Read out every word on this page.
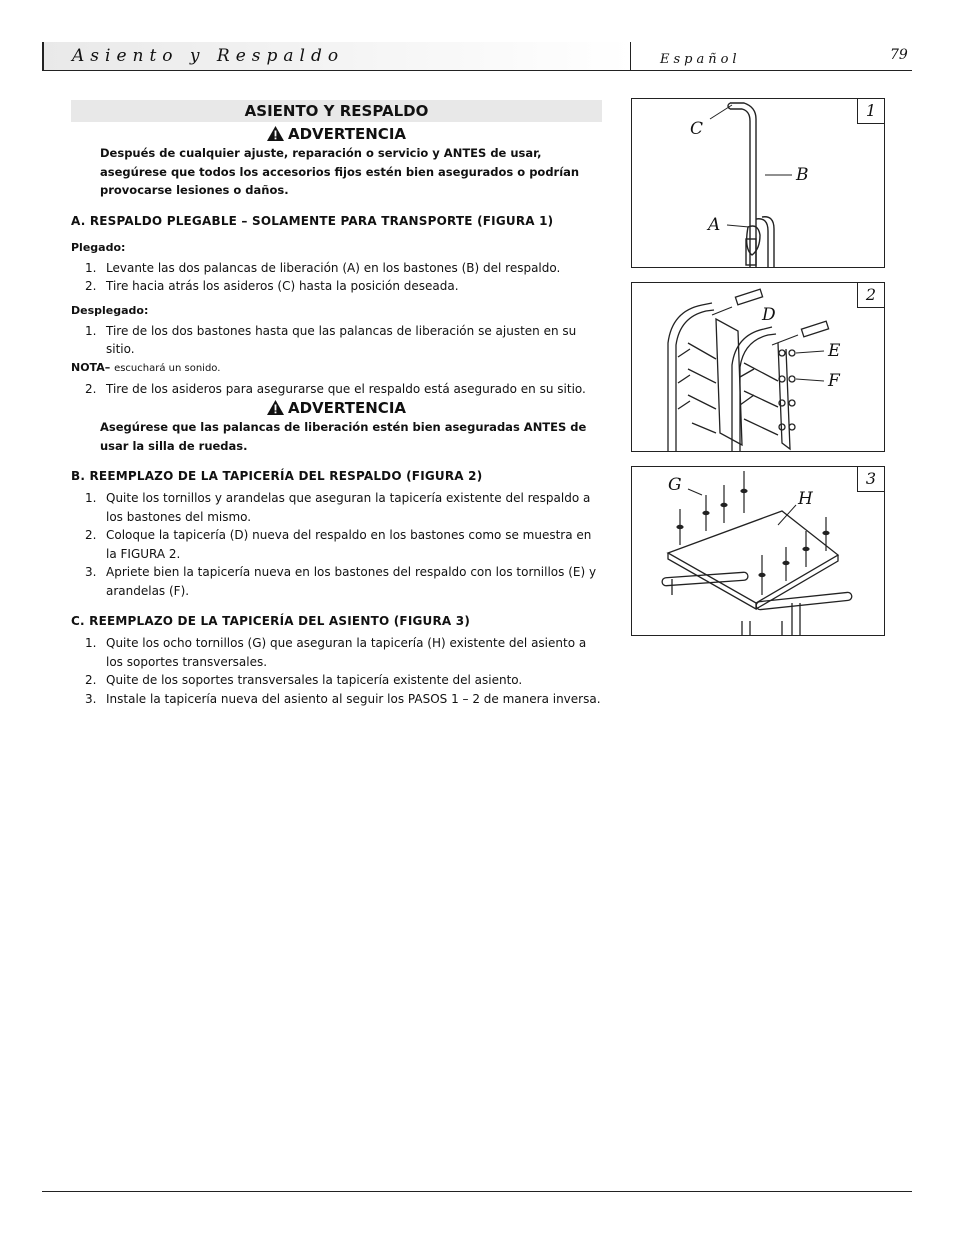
Asiento y Respaldo	Español	79
ASIENTO Y RESPALDO
ADVERTENCIA
Después de cualquier ajuste, reparación o servicio y ANTES de usar, asegúrese que todos los accesorios fijos estén bien asegurados o podrían provocarse lesiones o daños.
A. RESPALDO PLEGABLE – SOLAMENTE PARA TRANSPORTE (FIGURA 1)
Plegado:
1. Levante las dos palancas de liberación (A) en los bastones (B) del respaldo.
2. Tire hacia atrás los asideros (C) hasta la posición deseada.
Desplegado:
1. Tire de los dos bastones hasta que las palancas de liberación se ajusten en su sitio.
NOTA– escuchará un sonido.
2. Tire de los asideros para asegurarse que el respaldo está asegurado en su sitio.
ADVERTENCIA
Asegúrese que las palancas de liberación estén bien aseguradas ANTES de usar la silla de ruedas.
B. REEMPLAZO DE LA TAPICERÍA DEL RESPALDO (FIGURA 2)
1. Quite los tornillos y arandelas que aseguran la tapicería existente del respaldo a los bastones del mismo.
2. Coloque la tapicería (D) nueva del respaldo en los bastones como se muestra en la FIGURA 2.
3. Apriete bien la tapicería nueva en los bastones del respaldo con los tornillos (E) y arandelas (F).
C. REEMPLAZO DE LA TAPICERÍA DEL ASIENTO (FIGURA 3)
1. Quite los ocho tornillos (G) que aseguran la tapicería (H) existente del asiento a los soportes transversales.
2. Quite de los soportes transversales la tapicería existente del asiento.
3. Instale la tapicería nueva del asiento al seguir los PASOS 1 – 2 de manera inversa.
1
C
B
A
2
D
E
F
3
G
H
